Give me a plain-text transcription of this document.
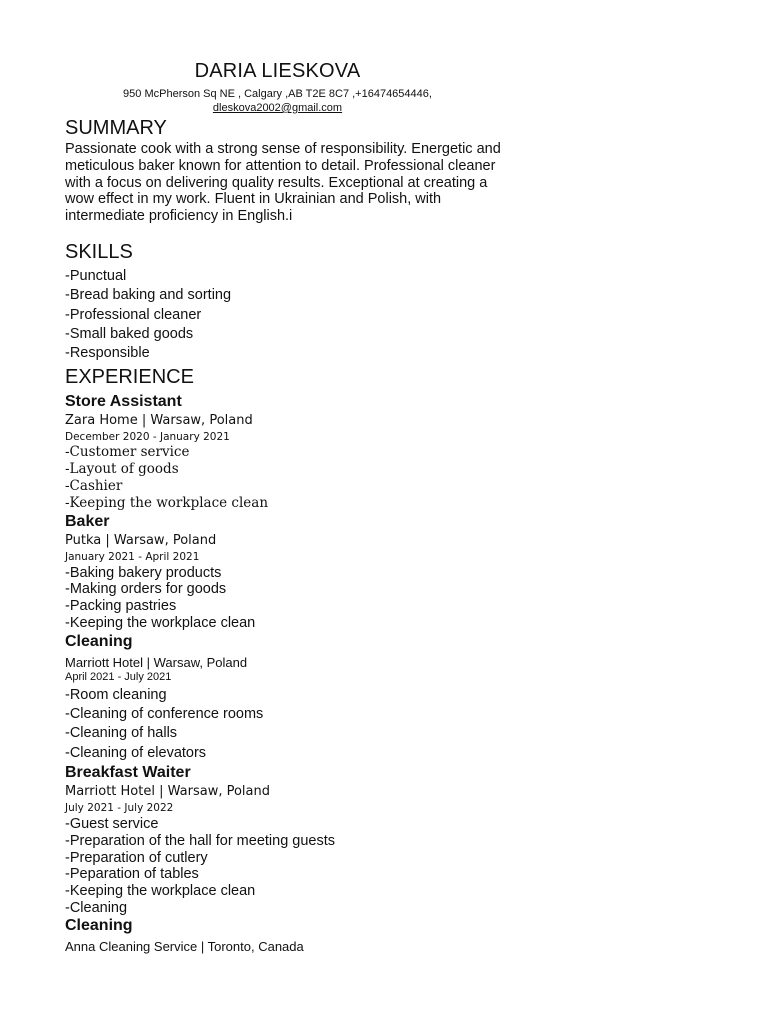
DARIA LIESKOVA
950 McPherson Sq NE , Calgary ,AB T2E 8C7 ,+16474654446,
dleskova2002@gmail.com
SUMMARY
Passionate cook with a strong sense of responsibility. Energetic and meticulous baker known for attention to detail. Professional cleaner with a focus on delivering quality results. Exceptional at creating a wow effect in my work. Fluent in Ukrainian and Polish, with intermediate proficiency in English.i
SKILLS
-Punctual
-Bread baking and sorting
-Professional cleaner
-Small baked goods
-Responsible
EXPERIENCE
Store Assistant
Zara Home | Warsaw, Poland
December 2020 - January 2021
-Customer service
-Layout of goods
-Cashier
-Keeping the workplace clean
Baker
Putka | Warsaw, Poland
January 2021 - April 2021
-Baking bakery products
-Making orders for goods
-Packing pastries
-Keeping the workplace clean
Cleaning
Marriott Hotel | Warsaw, Poland
April 2021 - July 2021
-Room cleaning
-Cleaning of conference rooms
-Cleaning of halls
-Cleaning of elevators
Breakfast Waiter
Marriott Hotel | Warsaw, Poland
July 2021 - July 2022
-Guest service
-Preparation of the hall for meeting guests
-Preparation of cutlery
-Peparation of tables
-Keeping the workplace clean
-Cleaning
Cleaning
Anna Cleaning Service | Toronto, Canada
